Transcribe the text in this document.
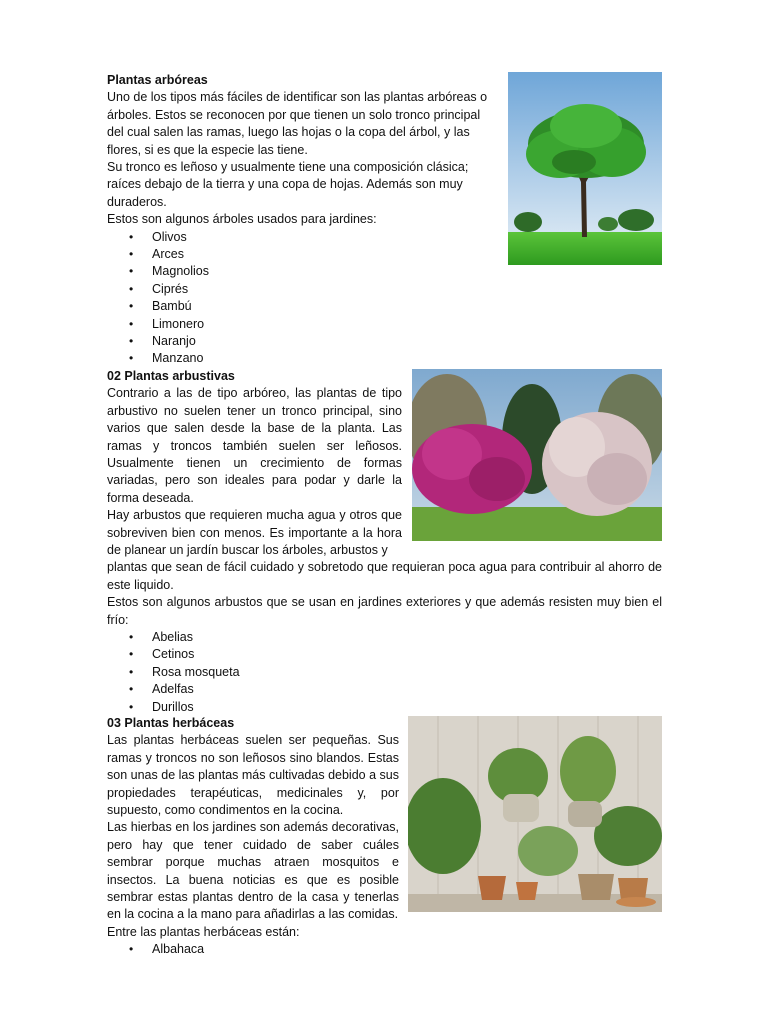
Plantas arbóreas

Uno de los tipos más fáciles de identificar son las plantas arbóreas o árboles. Estos se reconocen por que tienen un solo tronco principal del cual salen las ramas, luego las hojas o la copa del árbol, y las flores, si es que la especie las tiene.

Su tronco es leñoso y usualmente tiene una composición clásica; raíces debajo de la tierra y una copa de hojas. Además son muy duraderos.

Estos son algunos árboles usados para jardines:

• Olivos
• Arces
• Magnolios
• Ciprés
• Bambú
• Limonero
• Naranjo
• Manzano

02 Plantas arbustivas

Contrario a las de tipo arbóreo, las plantas de tipo arbustivo no suelen tener un tronco principal, sino varios que salen desde la base de la planta. Las ramas y troncos también suelen ser leñosos. Usualmente tienen un crecimiento de formas variadas, pero son ideales para podar y darle la forma deseada.

Hay arbustos que requieren mucha agua y otros que sobreviven bien con menos. Es importante a la hora de planear un jardín buscar los árboles, arbustos y

plantas que sean de fácil cuidado y sobretodo que requieran poca agua para contribuir al ahorro de este liquido.

Estos son algunos arbustos que se usan en jardines exteriores y que además resisten muy bien el frío:

• Abelias
• Cetinos
• Rosa mosqueta
• Adelfas
• Durillos

03 Plantas herbáceas

Las plantas herbáceas suelen ser pequeñas. Sus ramas y troncos no son leñosos sino blandos. Estas son unas de las plantas más cultivadas debido a sus propiedades terapéuticas, medicinales y, por supuesto, como condimentos en la cocina.

Las hierbas en los jardines son además decorativas, pero hay que tener cuidado de saber cuáles sembrar porque muchas atraen mosquitos e insectos. La buena noticias es que es posible sembrar estas plantas dentro de la casa y tenerlas en la cocina a la mano para añadirlas a las comidas.

Entre las plantas herbáceas están:

• Albahaca
